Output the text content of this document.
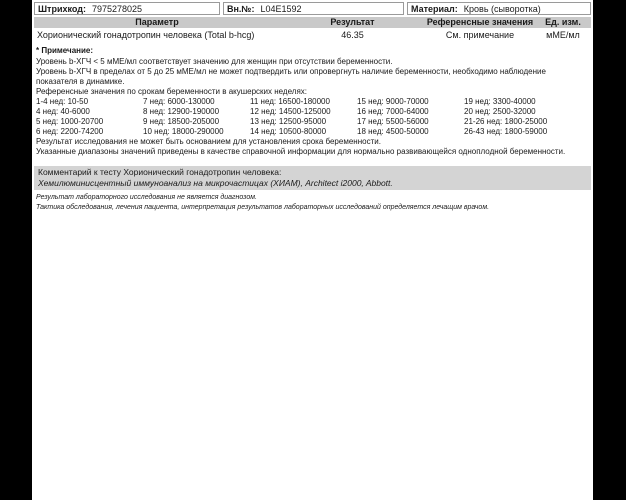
Штрихкод: 7975278025	Вн.№: L04E1592	Материал: Кровь (сыворотка)
Параметр	Результат	Референсные значения	Ед. изм.
Хорионический гонадотропин человека (Total b-hcg)	46.35	См. примечание	мМЕ/мл
* Примечание:

Уровень b-ХГЧ < 5 мМЕ/мл соответствует значению для женщин при отсутствии беременности.

Уровень b-ХГЧ в пределах от 5 до 25 мМЕ/мл не может подтвердить или опровергнуть наличие беременности, необходимо наблюдение показателя в динамике.

Референсные значения по срокам беременности в акушерских неделях:

1-4 нед: 10-50	7 нед: 6000-130000	11 нед: 16500-180000	15 нед: 9000-70000	19 нед: 3300-40000
4 нед: 40-6000	8 нед: 12900-190000	12 нед: 14500-125000	16 нед: 7000-64000	20 нед: 2500-32000
5 нед: 1000-20700	9 нед: 18500-205000	13 нед: 12500-95000	17 нед: 5500-56000	21-26 нед: 1800-25000
6 нед: 2200-74200	10 нед: 18000-290000	14 нед: 10500-80000	18 нед: 4500-50000	26-43 нед: 1800-59000

Результат исследования не может быть основанием для установления срока беременности.

Указанные диапазоны значений приведены в качестве справочной информации для нормально развивающейся одноплодной беременности.

Комментарий к тесту Хорионический гонадотропин человека:
Хемилюминисцентный иммуноанализ на микрочастицах (ХИАМ), Architect i2000, Abbott.
Результат лабораторного исследования не является диагнозом.
Тактика обследования, лечения пациента, интерпретация результатов лабораторных исследований определяется лечащим врачом.
